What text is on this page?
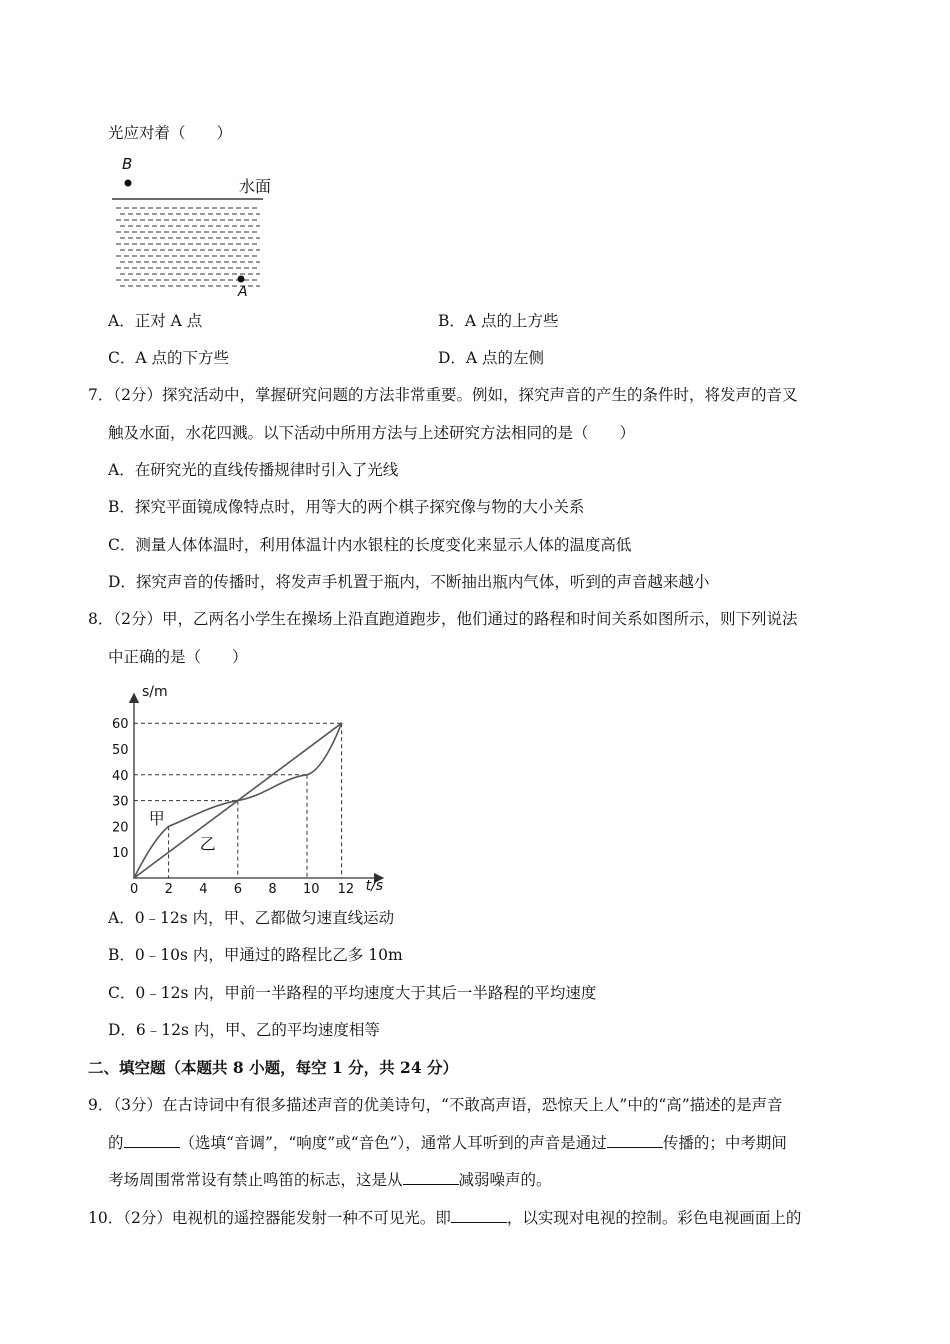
光应对着（　　）
B
水面
A
A．正对 A 点	B．A 点的上方些
C．A 点的下方些	D．A 点的左侧
7．（2分）探究活动中，掌握研究问题的方法非常重要。例如，探究声音的产生的条件时，将发声的音叉
触及水面，水花四溅。以下活动中所用方法与上述研究方法相同的是（　　）
A．在研究光的直线传播规律时引入了光线
B．探究平面镜成像特点时，用等大的两个棋子探究像与物的大小关系
C．测量人体体温时，利用体温计内水银柱的长度变化来显示人体的温度高低
D．探究声音的传播时，将发声手机置于瓶内，不断抽出瓶内气体，听到的声音越来越小
8．（2分）甲，乙两名小学生在操场上沿直跑道跑步，他们通过的路程和时间关系如图所示，则下列说法
中正确的是（　　）
0 2 4 6 8 10 12
10
20
30
40
50
60
s/m
t/s
甲
乙
A．0﹣12s 内，甲、乙都做匀速直线运动
B．0﹣10s 内，甲通过的路程比乙多 10m
C．0﹣12s 内，甲前一半路程的平均速度大于其后一半路程的平均速度
D．6﹣12s 内，甲、乙的平均速度相等
二、填空题（本题共 8 小题，每空 1 分，共 24 分）
9．（3分）在古诗词中有很多描述声音的优美诗句，“不敢高声语，恐惊天上人”中的“高”描述的是声音
的	（选填“音调”，“响度”或“音色”），通常人耳听到的声音是通过	传播的；中考期间
考场周围常常设有禁止鸣笛的标志，这是从	减弱噪声的。
10．（2分）电视机的遥控器能发射一种不可见光。即	，以实现对电视的控制。彩色电视画面上的
